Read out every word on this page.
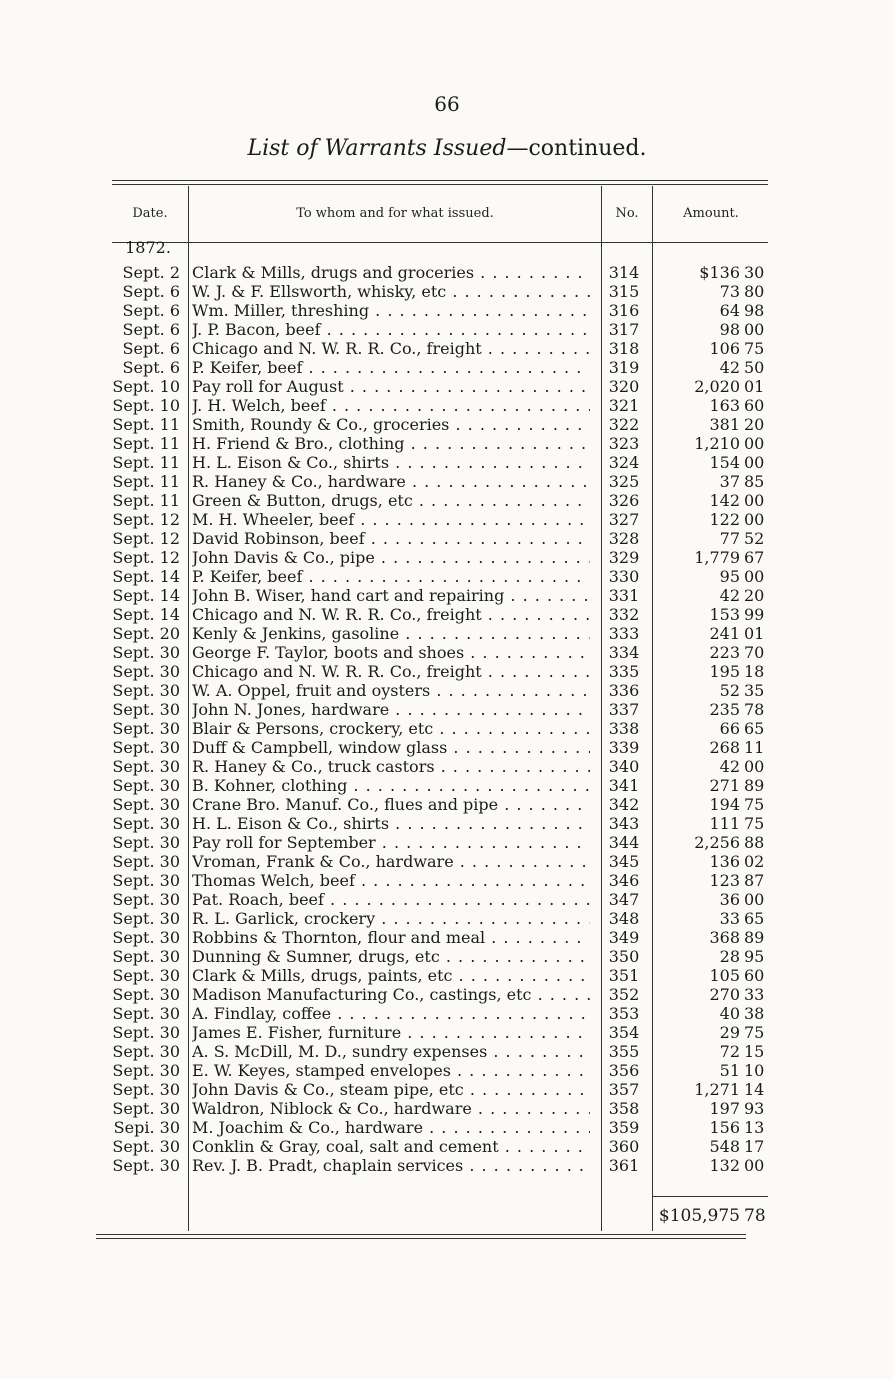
66
List of Warrants Issued—continued.
Date.	To whom and for what issued.	No.	Amount.
1872.
Sept. 2 Clark & Mills, drugs and groceries . . .	314	$136 30
Sept. 6 W. J. & F. Ellsworth, whisky, etc . . .	315	73 80
Sept. 6 Wm. Miller, threshing . . .	316	64 98
Sept. 6 J. P. Bacon, beef . . .	317	98 00
Sept. 6 Chicago and N. W. R. R. Co., freight . . .	318	106 75
Sept. 6 P. Keifer, beef . . .	319	42 50
Sept. 10 Pay roll for August . . .	320	2,020 01
Sept. 10 J. H. Welch, beef . . .	321	163 60
Sept. 11 Smith, Roundy & Co., groceries . . .	322	381 20
Sept. 11 H. Friend & Bro., clothing . . .	323	1,210 00
Sept. 11 H. L. Eison & Co., shirts . . .	324	154 00
Sept. 11 R. Haney & Co., hardware . . .	325	37 85
Sept. 11 Green & Button, drugs, etc . . .	326	142 00
Sept. 12 M. H. Wheeler, beef . . .	327	122 00
Sept. 12 David Robinson, beef . . .	328	77 52
Sept. 12 John Davis & Co., pipe . . .	329	1,779 67
Sept. 14 P. Keifer, beef . . .	330	95 00
Sept. 14 John B. Wiser, hand cart and repairing . . .	331	42 20
Sept. 14 Chicago and N. W. R. R. Co., freight . . .	332	153 99
Sept. 20 Kenly & Jenkins, gasoline . . .	333	241 01
Sept. 30 George F. Taylor, boots and shoes . . .	334	223 70
Sept. 30 Chicago and N. W. R. R. Co., freight . . .	335	195 18
Sept. 30 W. A. Oppel, fruit and oysters . . .	336	52 35
Sept. 30 John N. Jones, hardware . . .	337	235 78
Sept. 30 Blair & Persons, crockery, etc . . .	338	66 65
Sept. 30 Duff & Campbell, window glass . . .	339	268 11
Sept. 30 R. Haney & Co., truck castors . . .	340	42 00
Sept. 30 B. Kohner, clothing . . .	341	271 89
Sept. 30 Crane Bro. Manuf. Co., flues and pipe . . .	342	194 75
Sept. 30 H. L. Eison & Co., shirts . . .	343	111 75
Sept. 30 Pay roll for September . . .	344	2,256 88
Sept. 30 Vroman, Frank & Co., hardware . . .	345	136 02
Sept. 30 Thomas Welch, beef . . .	346	123 87
Sept. 30 Pat. Roach, beef . . .	347	36 00
Sept. 30 R. L. Garlick, crockery . . .	348	33 65
Sept. 30 Robbins & Thornton, flour and meal . . .	349	368 89
Sept. 30 Dunning & Sumner, drugs, etc . . .	350	28 95
Sept. 30 Clark & Mills, drugs, paints, etc . . .	351	105 60
Sept. 30 Madison Manufacturing Co., castings, etc . . .	352	270 33
Sept. 30 A. Findlay, coffee . . .	353	40 38
Sept. 30 James E. Fisher, furniture . . .	354	29 75
Sept. 30 A. S. McDill, M. D., sundry expenses . . .	355	72 15
Sept. 30 E. W. Keyes, stamped envelopes . . .	356	51 10
Sept. 30 John Davis & Co., steam pipe, etc . . .	357	1,271 14
Sept. 30 Waldron, Niblock & Co., hardware . . .	358	197 93
Sepi. 30 M. Joachim & Co., hardware . . .	359	156 13
Sept. 30 Conklin & Gray, coal, salt and cement . . .	360	548 17
Sept. 30 Rev. J. B. Pradt, chaplain services . . .	361	132 00
$105,975 78
